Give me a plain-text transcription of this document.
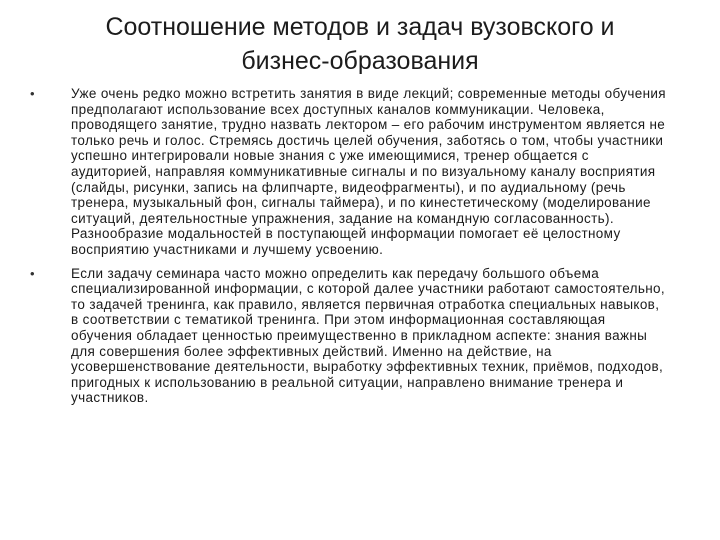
Соотношение методов и задач вузовского и бизнес-образования
•	Уже очень редко можно встретить занятия в виде лекций; современные методы обучения предполагают использование всех доступных каналов коммуникации. Человека, проводящего занятие, трудно назвать лектором – его рабочим инструментом является не только речь и голос. Стремясь достичь целей обучения, заботясь о том, чтобы участники успешно интегрировали новые знания с уже имеющимися, тренер общается с аудиторией, направляя коммуникативные сигналы и по визуальному каналу восприятия (слайды, рисунки, запись на флипчарте, видеофрагменты), и по аудиальному (речь тренера, музыкальный фон, сигналы таймера), и по кинестетическому (моделирование ситуаций, деятельностные упражнения, задание на командную согласованность). Разнообразие модальностей в поступающей информации помогает её целостному восприятию участниками и лучшему усвоению.
•	Если задачу семинара часто можно определить как передачу большого объема специализированной информации, с которой далее участники работают самостоятельно, то задачей тренинга, как правило, является первичная отработка специальных навыков, в соответствии с тематикой тренинга. При этом информационная составляющая обучения обладает ценностью преимущественно в прикладном аспекте: знания важны для совершения более эффективных действий. Именно на действие, на усовершенствование деятельности, выработку эффективных техник, приёмов, подходов, пригодных к использованию в реальной ситуации, направлено внимание тренера и участников.
